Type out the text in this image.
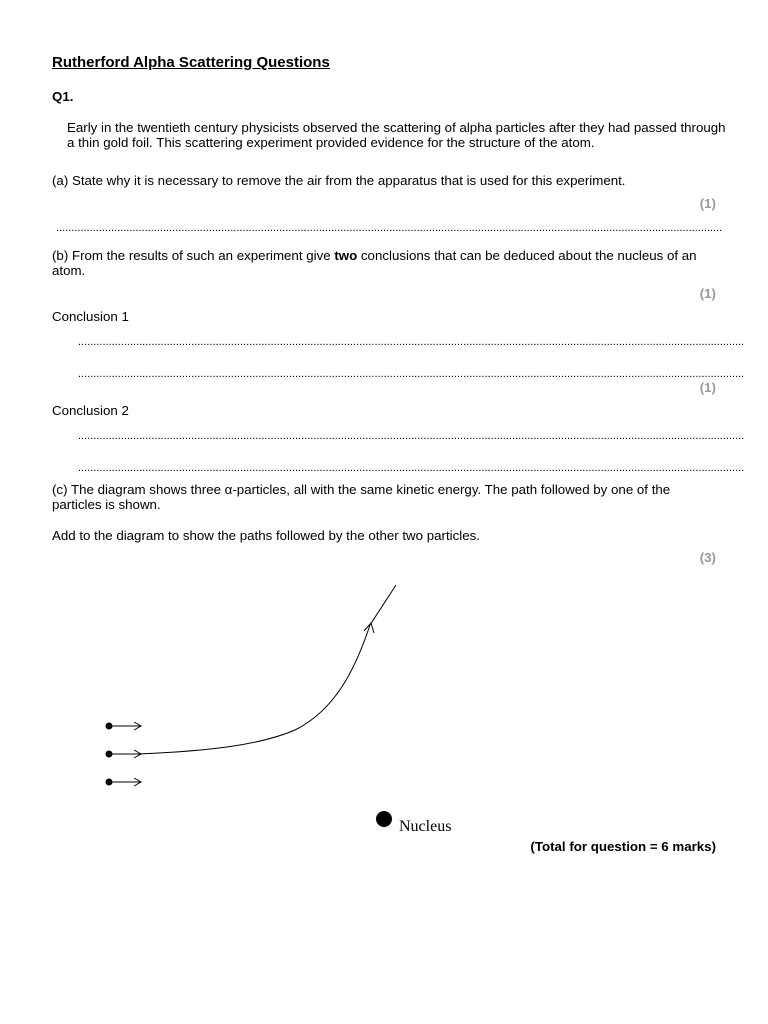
Rutherford Alpha Scattering Questions
Q1.
Early in the twentieth century physicists observed the scattering of alpha particles after they had passed through a thin gold foil. This scattering experiment provided evidence for the structure of the atom.
(a) State why it is necessary to remove the air from the apparatus that is used for this experiment.
(1)
..........................................................................................................................................................................................................................
(b) From the results of such an experiment give two conclusions that can be deduced about the nucleus of an atom.
(1)
Conclusion 1
..........................................................................................................................................................................................................................
..........................................................................................................................................................................................................................
(1)
Conclusion 2
..........................................................................................................................................................................................................................
..........................................................................................................................................................................................................................
(c) The diagram shows three α-particles, all with the same kinetic energy. The path followed by one of the particles is shown.
Add to the diagram to show the paths followed by the other two particles.
(3)
Nucleus
(Total for question = 6 marks)
